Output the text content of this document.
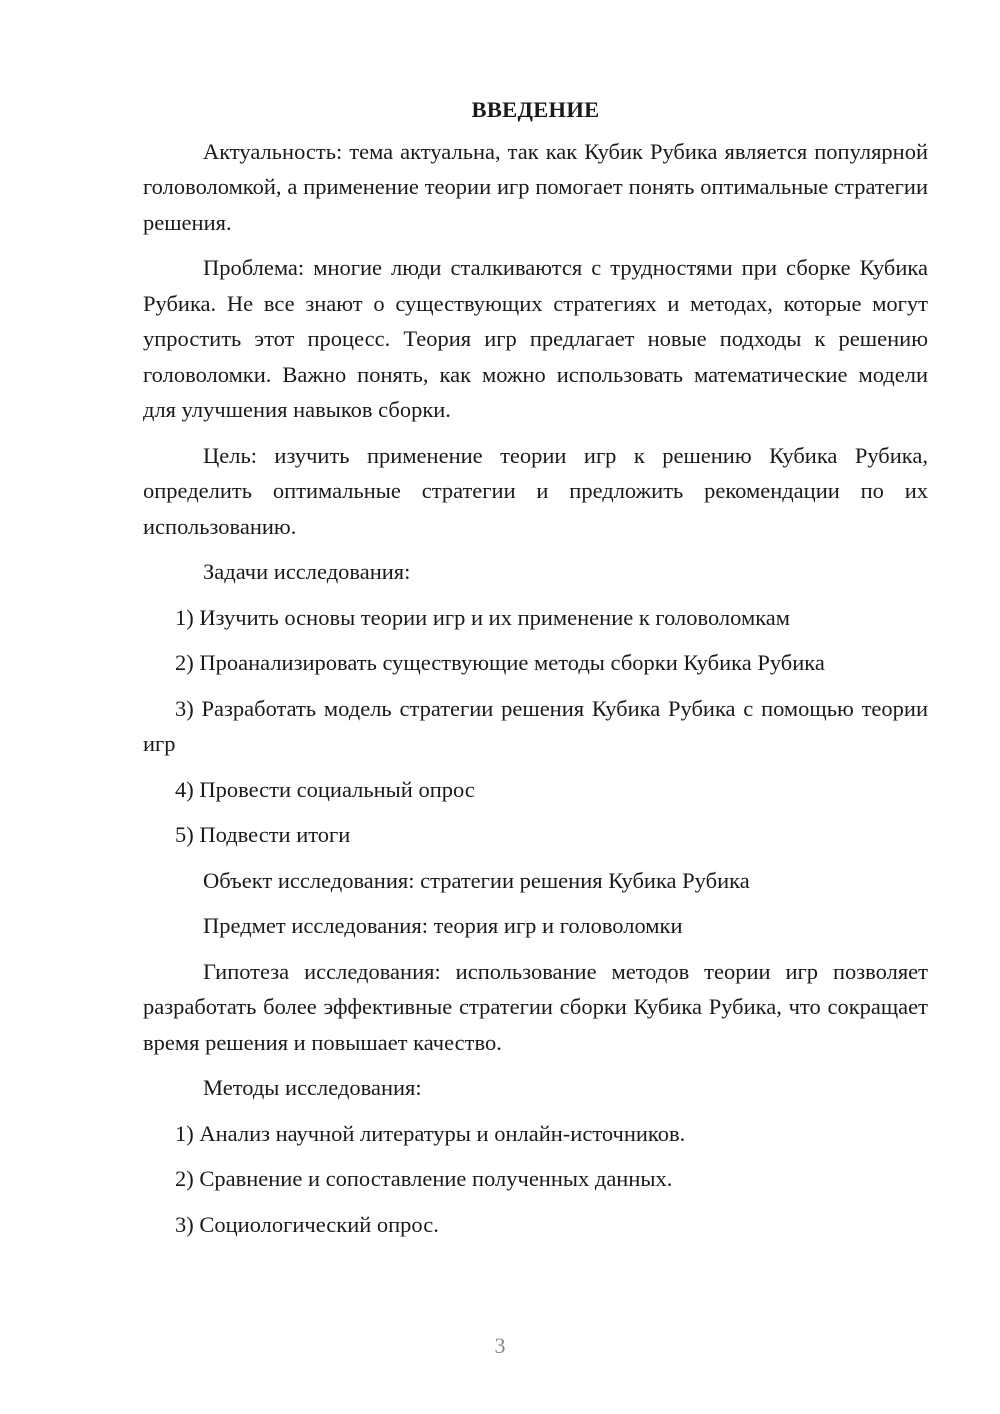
ВВЕДЕНИЕ

Актуальность: тема актуальна, так как Кубик Рубика является популярной головоломкой, а применение теории игр помогает понять оптимальные стратегии решения.

Проблема: многие люди сталкиваются с трудностями при сборке Кубика Рубика. Не все знают о существующих стратегиях и методах, которые могут упростить этот процесс. Теория игр предлагает новые подходы к решению головоломки. Важно понять, как можно использовать математические модели для улучшения навыков сборки.

Цель: изучить применение теории игр к решению Кубика Рубика, определить оптимальные стратегии и предложить рекомендации по их использованию.

Задачи исследования:

1) Изучить основы теории игр и их применение к головоломкам

2) Проанализировать существующие методы сборки Кубика Рубика

3) Разработать модель стратегии решения Кубика Рубика с помощью теории игр

4) Провести социальный опрос

5) Подвести итоги

Объект исследования: стратегии решения Кубика Рубика

Предмет исследования: теория игр и головоломки

Гипотеза исследования: использование методов теории игр позволяет разработать более эффективные стратегии сборки Кубика Рубика, что сокращает время решения и повышает качество.

Методы исследования:

1) Анализ научной литературы и онлайн-источников.

2) Сравнение и сопоставление полученных данных.

3) Социологический опрос.

3
